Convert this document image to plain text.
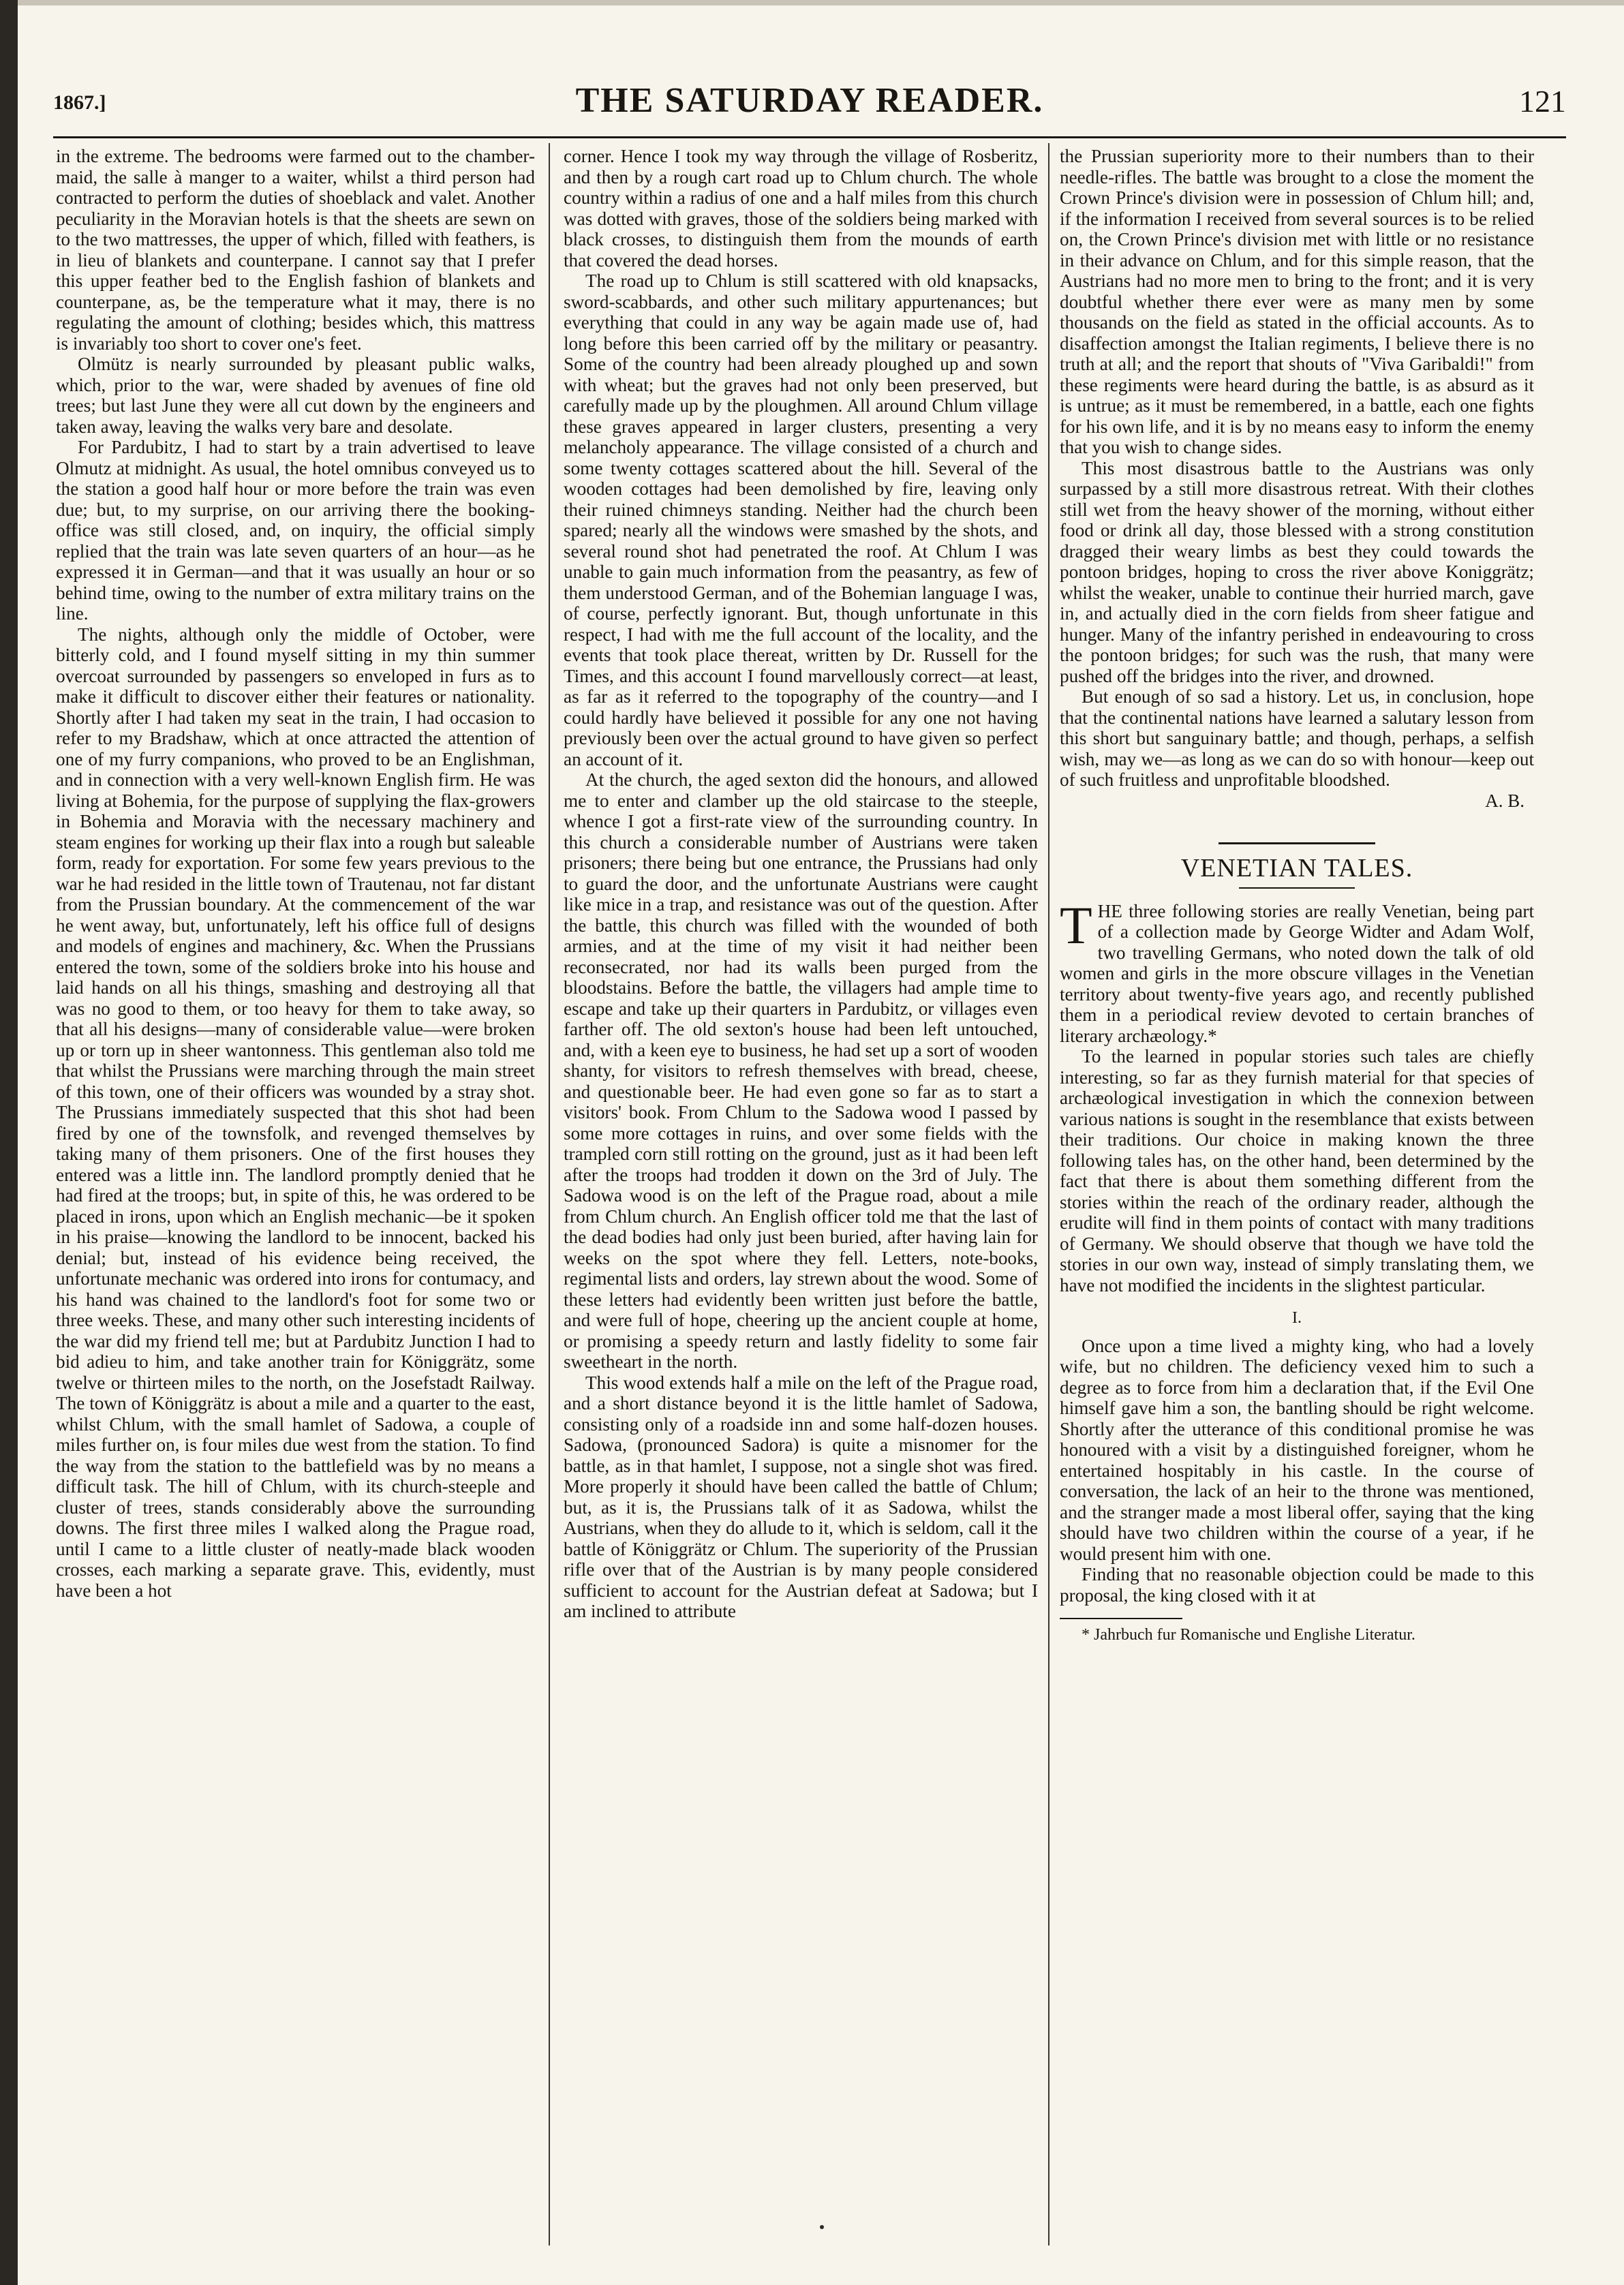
1867.]	THE SATURDAY READER.	121

in the extreme. The bedrooms were farmed out to the chamber-maid, the salle à manger to a waiter, whilst a third person had contracted to perform the duties of shoeblack and valet. Another peculiarity in the Moravian hotels is that the sheets are sewn on to the two mattresses, the upper of which, filled with feathers, is in lieu of blankets and counterpane. I cannot say that I prefer this upper feather bed to the English fashion of blankets and counterpane, as, be the temperature what it may, there is no regulating the amount of clothing; besides which, this mattress is invariably too short to cover one's feet.

Olmütz is nearly surrounded by pleasant public walks, which, prior to the war, were shaded by avenues of fine old trees; but last June they were all cut down by the engineers and taken away, leaving the walks very bare and desolate.

For Pardubitz, I had to start by a train advertised to leave Olmutz at midnight. As usual, the hotel omnibus conveyed us to the station a good half hour or more before the train was even due; but, to my surprise, on our arriving there the booking-office was still closed, and, on inquiry, the official simply replied that the train was late seven quarters of an hour—as he expressed it in German—and that it was usually an hour or so behind time, owing to the number of extra military trains on the line.

The nights, although only the middle of October, were bitterly cold, and I found myself sitting in my thin summer overcoat surrounded by passengers so enveloped in furs as to make it difficult to discover either their features or nationality. Shortly after I had taken my seat in the train, I had occasion to refer to my Bradshaw, which at once attracted the attention of one of my furry companions, who proved to be an Englishman, and in connection with a very well-known English firm. He was living at Bohemia, for the purpose of supplying the flax-growers in Bohemia and Moravia with the necessary machinery and steam engines for working up their flax into a rough but saleable form, ready for exportation. For some few years previous to the war he had resided in the little town of Trautenau, not far distant from the Prussian boundary. At the commencement of the war he went away, but, unfortunately, left his office full of designs and models of engines and machinery, &c. When the Prussians entered the town, some of the soldiers broke into his house and laid hands on all his things, smashing and destroying all that was no good to them, or too heavy for them to take away, so that all his designs—many of considerable value—were broken up or torn up in sheer wantonness. This gentleman also told me that whilst the Prussians were marching through the main street of this town, one of their officers was wounded by a stray shot. The Prussians immediately suspected that this shot had been fired by one of the townsfolk, and revenged themselves by taking many of them prisoners. One of the first houses they entered was a little inn. The landlord promptly denied that he had fired at the troops; but, in spite of this, he was ordered to be placed in irons, upon which an English mechanic—be it spoken in his praise—knowing the landlord to be innocent, backed his denial; but, instead of his evidence being received, the unfortunate mechanic was ordered into irons for contumacy, and his hand was chained to the landlord's foot for some two or three weeks. These, and many other such interesting incidents of the war did my friend tell me; but at Pardubitz Junction I had to bid adieu to him, and take another train for Königgrätz, some twelve or thirteen miles to the north, on the Josefstadt Railway. The town of Königgrätz is about a mile and a quarter to the east, whilst Chlum, with the small hamlet of Sadowa, a couple of miles further on, is four miles due west from the station. To find the way from the station to the battlefield was by no means a difficult task. The hill of Chlum, with its church-steeple and cluster of trees, stands considerably above the surrounding downs. The first three miles I walked along the Prague road, until I came to a little cluster of neatly-made black wooden crosses, each marking a separate grave. This, evidently, must have been a hot

corner. Hence I took my way through the village of Rosberitz, and then by a rough cart road up to Chlum church. The whole country within a radius of one and a half miles from this church was dotted with graves, those of the soldiers being marked with black crosses, to distinguish them from the mounds of earth that covered the dead horses.

The road up to Chlum is still scattered with old knapsacks, sword-scabbards, and other such military appurtenances; but everything that could in any way be again made use of, had long before this been carried off by the military or peasantry. Some of the country had been already ploughed up and sown with wheat; but the graves had not only been preserved, but carefully made up by the ploughmen. All around Chlum village these graves appeared in larger clusters, presenting a very melancholy appearance. The village consisted of a church and some twenty cottages scattered about the hill. Several of the wooden cottages had been demolished by fire, leaving only their ruined chimneys standing. Neither had the church been spared; nearly all the windows were smashed by the shots, and several round shot had penetrated the roof. At Chlum I was unable to gain much information from the peasantry, as few of them understood German, and of the Bohemian language I was, of course, perfectly ignorant. But, though unfortunate in this respect, I had with me the full account of the locality, and the events that took place thereat, written by Dr. Russell for the Times, and this account I found marvellously correct—at least, as far as it referred to the topography of the country—and I could hardly have believed it possible for any one not having previously been over the actual ground to have given so perfect an account of it.

At the church, the aged sexton did the honours, and allowed me to enter and clamber up the old staircase to the steeple, whence I got a first-rate view of the surrounding country. In this church a considerable number of Austrians were taken prisoners; there being but one entrance, the Prussians had only to guard the door, and the unfortunate Austrians were caught like mice in a trap, and resistance was out of the question. After the battle, this church was filled with the wounded of both armies, and at the time of my visit it had neither been reconsecrated, nor had its walls been purged from the bloodstains. Before the battle, the villagers had ample time to escape and take up their quarters in Pardubitz, or villages even farther off. The old sexton's house had been left untouched, and, with a keen eye to business, he had set up a sort of wooden shanty, for visitors to refresh themselves with bread, cheese, and questionable beer. He had even gone so far as to start a visitors' book. From Chlum to the Sadowa wood I passed by some more cottages in ruins, and over some fields with the trampled corn still rotting on the ground, just as it had been left after the troops had trodden it down on the 3rd of July. The Sadowa wood is on the left of the Prague road, about a mile from Chlum church. An English officer told me that the last of the dead bodies had only just been buried, after having lain for weeks on the spot where they fell. Letters, note-books, regimental lists and orders, lay strewn about the wood. Some of these letters had evidently been written just before the battle, and were full of hope, cheering up the ancient couple at home, or promising a speedy return and lastly fidelity to some fair sweetheart in the north.

This wood extends half a mile on the left of the Prague road, and a short distance beyond it is the little hamlet of Sadowa, consisting only of a roadside inn and some half-dozen houses. Sadowa, (pronounced Sadora) is quite a misnomer for the battle, as in that hamlet, I suppose, not a single shot was fired. More properly it should have been called the battle of Chlum; but, as it is, the Prussians talk of it as Sadowa, whilst the Austrians, when they do allude to it, which is seldom, call it the battle of Königgrätz or Chlum. The superiority of the Prussian rifle over that of the Austrian is by many people considered sufficient to account for the Austrian defeat at Sadowa; but I am inclined to attribute

the Prussian superiority more to their numbers than to their needle-rifles. The battle was brought to a close the moment the Crown Prince's division were in possession of Chlum hill; and, if the information I received from several sources is to be relied on, the Crown Prince's division met with little or no resistance in their advance on Chlum, and for this simple reason, that the Austrians had no more men to bring to the front; and it is very doubtful whether there ever were as many men by some thousands on the field as stated in the official accounts. As to disaffection amongst the Italian regiments, I believe there is no truth at all; and the report that shouts of "Viva Garibaldi!" from these regiments were heard during the battle, is as absurd as it is untrue; as it must be remembered, in a battle, each one fights for his own life, and it is by no means easy to inform the enemy that you wish to change sides.

This most disastrous battle to the Austrians was only surpassed by a still more disastrous retreat. With their clothes still wet from the heavy shower of the morning, without either food or drink all day, those blessed with a strong constitution dragged their weary limbs as best they could towards the pontoon bridges, hoping to cross the river above Koniggrätz; whilst the weaker, unable to continue their hurried march, gave in, and actually died in the corn fields from sheer fatigue and hunger. Many of the infantry perished in endeavouring to cross the pontoon bridges; for such was the rush, that many were pushed off the bridges into the river, and drowned.

But enough of so sad a history. Let us, in conclusion, hope that the continental nations have learned a salutary lesson from this short but sanguinary battle; and though, perhaps, a selfish wish, may we—as long as we can do so with honour—keep out of such fruitless and unprofitable bloodshed.

A. B.

VENETIAN TALES.

THE three following stories are really Venetian, being part of a collection made by George Widter and Adam Wolf, two travelling Germans, who noted down the talk of old women and girls in the more obscure villages in the Venetian territory about twenty-five years ago, and recently published them in a periodical review devoted to certain branches of literary archæology.*

To the learned in popular stories such tales are chiefly interesting, so far as they furnish material for that species of archæological investigation in which the connexion between various nations is sought in the resemblance that exists between their traditions. Our choice in making known the three following tales has, on the other hand, been determined by the fact that there is about them something different from the stories within the reach of the ordinary reader, although the erudite will find in them points of contact with many traditions of Germany. We should observe that though we have told the stories in our own way, instead of simply translating them, we have not modified the incidents in the slightest particular.

I.

Once upon a time lived a mighty king, who had a lovely wife, but no children. The deficiency vexed him to such a degree as to force from him a declaration that, if the Evil One himself gave him a son, the bantling should be right welcome. Shortly after the utterance of this conditional promise he was honoured with a visit by a distinguished foreigner, whom he entertained hospitably in his castle. In the course of conversation, the lack of an heir to the throne was mentioned, and the stranger made a most liberal offer, saying that the king should have two children within the course of a year, if he would present him with one.

Finding that no reasonable objection could be made to this proposal, the king closed with it at

* Jahrbuch fur Romanische und Englishe Literatur.
